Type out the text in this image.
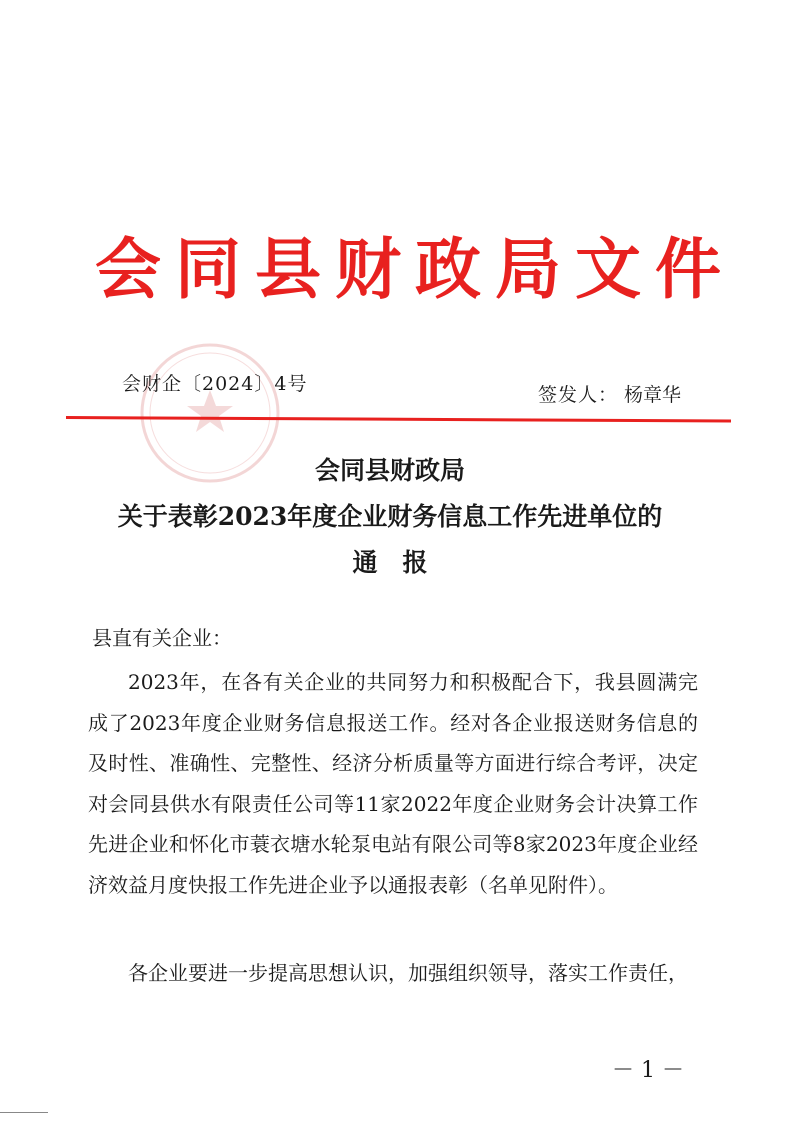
会同县财政局文件
会财企〔2024〕4号	签发人： 杨章华
会同县财政局
关于表彰2023年度企业财务信息工作先进单位的
通　报
县直有关企业：

2023年，在各有关企业的共同努力和积极配合下，我县圆满完成了2023年度企业财务信息报送工作。经对各企业报送财务信息的及时性、准确性、完整性、经济分析质量等方面进行综合考评，决定对会同县供水有限责任公司等11家2022年度企业财务会计决算工作先进企业和怀化市蓑衣塘水轮泵电站有限公司等8家2023年度企业经济效益月度快报工作先进企业予以通报表彰（名单见附件）。

各企业要进一步提高思想认识，加强组织领导，落实工作责任，

－ 1 －
